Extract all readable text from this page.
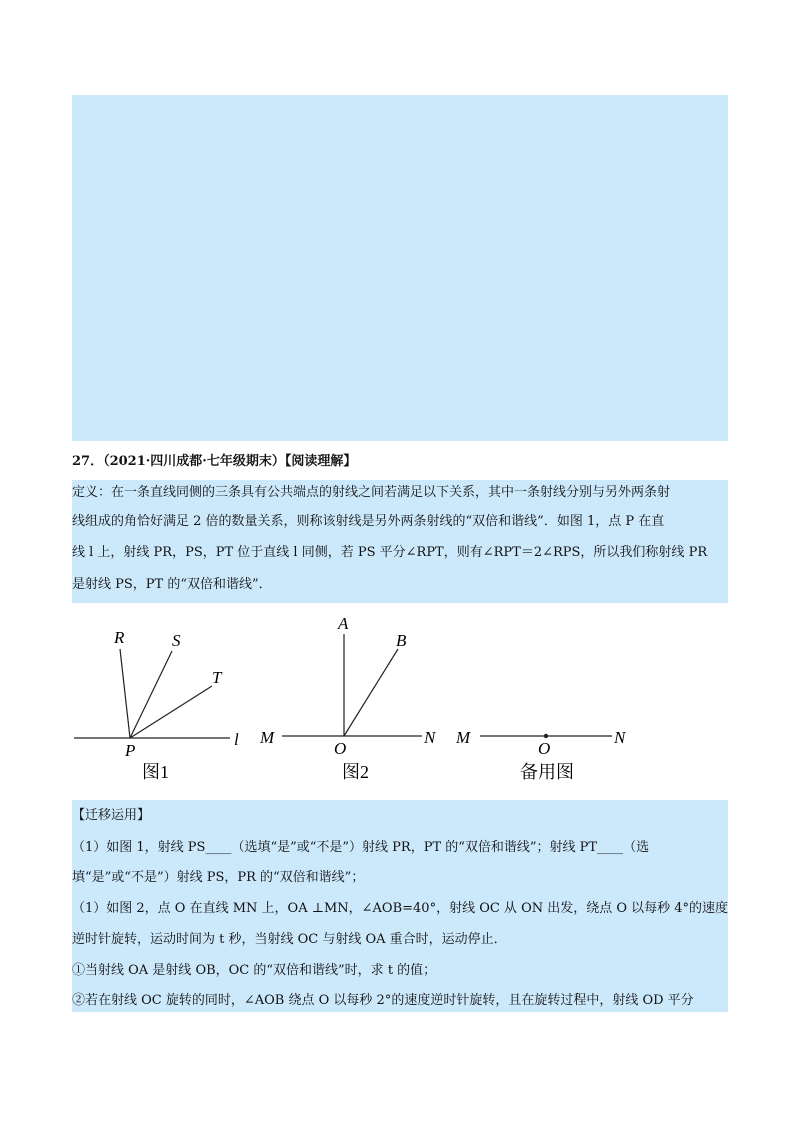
27．（2021·四川成都·七年级期末）【阅读理解】
定义：在一条直线同侧的三条具有公共端点的射线之间若满足以下关系，其中一条射线分别与另外两条射
线组成的角恰好满足 2 倍的数量关系，则称该射线是另外两条射线的“双倍和谐线”．如图 1，点 P 在直
线 l 上，射线 PR，PS，PT 位于直线 l 同侧，若 PS 平分∠RPT，则有∠RPT＝2∠RPS，所以我们称射线 PR
是射线 PS，PT 的“双倍和谐线”．
R	S
T
P
l
图1
A
B
M
O
N
图2
M
O
N
备用图
【迁移运用】
（1）如图 1，射线 PS____（选填“是”或“不是”）射线 PR，PT 的“双倍和谐线”；射线 PT____（选
填“是”或“不是”）射线 PS，PR 的“双倍和谐线”；
（1）如图 2，点 O 在直线 MN 上，OA ⊥MN，∠AOB=40°，射线 OC 从 ON 出发，绕点 O 以每秒 4°的速度
逆时针旋转，运动时间为 t 秒，当射线 OC 与射线 OA 重合时，运动停止．
①当射线 OA 是射线 OB，OC 的“双倍和谐线”时，求 t 的值；
②若在射线 OC 旋转的同时，∠AOB 绕点 O 以每秒 2°的速度逆时针旋转，且在旋转过程中，射线 OD 平分
